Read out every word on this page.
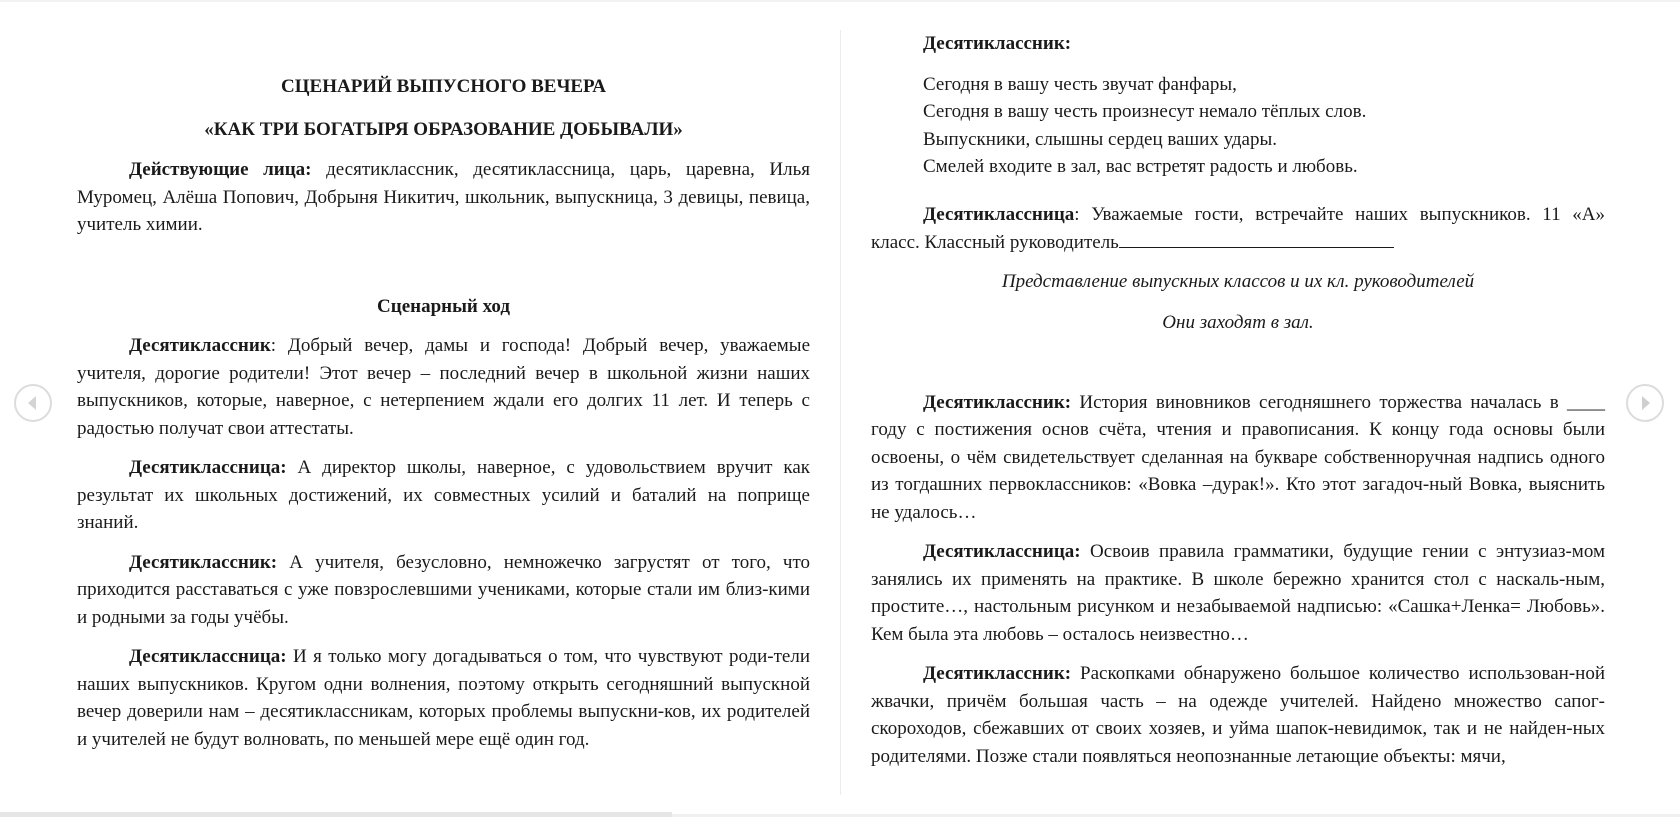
СЦЕНАРИЙ ВЫПУСНОГО ВЕЧЕРА

«КАК ТРИ БОГАТЫРЯ ОБРАЗОВАНИЕ ДОБЫВАЛИ»

Действующие лица: десятиклассник, десятиклассница, царь, царевна, Илья Муромец, Алёша Попович, Добрыня Никитич, школьник, выпускница, 3 девицы, певица, учитель химии.

Сценарный ход

Десятиклассник: Добрый вечер, дамы и господа! Добрый вечер, уважаемые учителя, дорогие родители! Этот вечер – последний вечер в школьной жизни наших выпускников, которые, наверное, с нетерпением ждали его долгих 11 лет. И теперь с радостью получат свои аттестаты.

Десятиклассница: А директор школы, наверное, с удовольствием вручит как результат их школьных достижений, их совместных усилий и баталий на поприще знаний.

Десятиклассник: А учителя, безусловно, немножечко загрустят от того, что приходится расставаться с уже повзрослевшими учениками, которые стали им близ-кими и родными за годы учёбы.

Десятиклассница: И я только могу догадываться о том, что чувствуют роди-тели наших выпускников. Кругом одни волнения, поэтому открыть сегодняшний выпускной вечер доверили нам – десятиклассникам, которых проблемы выпускни-ков, их родителей и учителей не будут волновать, по меньшей мере ещё один год.

Десятиклассник:

Сегодня в вашу честь звучат фанфары,
Сегодня в вашу честь произнесут немало тёплых слов.
Выпускники, слышны сердец ваших удары.
Смелей входите в зал, вас встретят радость и любовь.

Десятиклассница: Уважаемые гости, встречайте наших выпускников. 11 «А» класс. Классный руководитель

Представление выпускных классов и их кл. руководителей

Они заходят в зал.

Десятиклассник: История виновников сегодняшнего торжества началась в ____ году с постижения основ счёта, чтения и правописания. К концу года основы были освоены, о чём свидетельствует сделанная на букваре собственноручная надпись одного из тогдашних первоклассников: «Вовка –дурак!». Кто этот загадоч-ный Вовка, выяснить не удалось…

Десятиклассница: Освоив правила грамматики, будущие гении с энтузиаз-мом занялись их применять на практике. В школе бережно хранится стол с наскаль-ным, простите…, настольным рисунком и незабываемой надписью: «Сашка+Ленка= Любовь». Кем была эта любовь – осталось неизвестно…

Десятиклассник: Раскопками обнаружено большое количество использован-ной жвачки, причём большая часть – на одежде учителей. Найдено множество сапог-скороходов, сбежавших от своих хозяев, и уйма шапок-невидимок, так и не найден-ных родителями. Позже стали появляться неопознанные летающие объекты: мячи,
